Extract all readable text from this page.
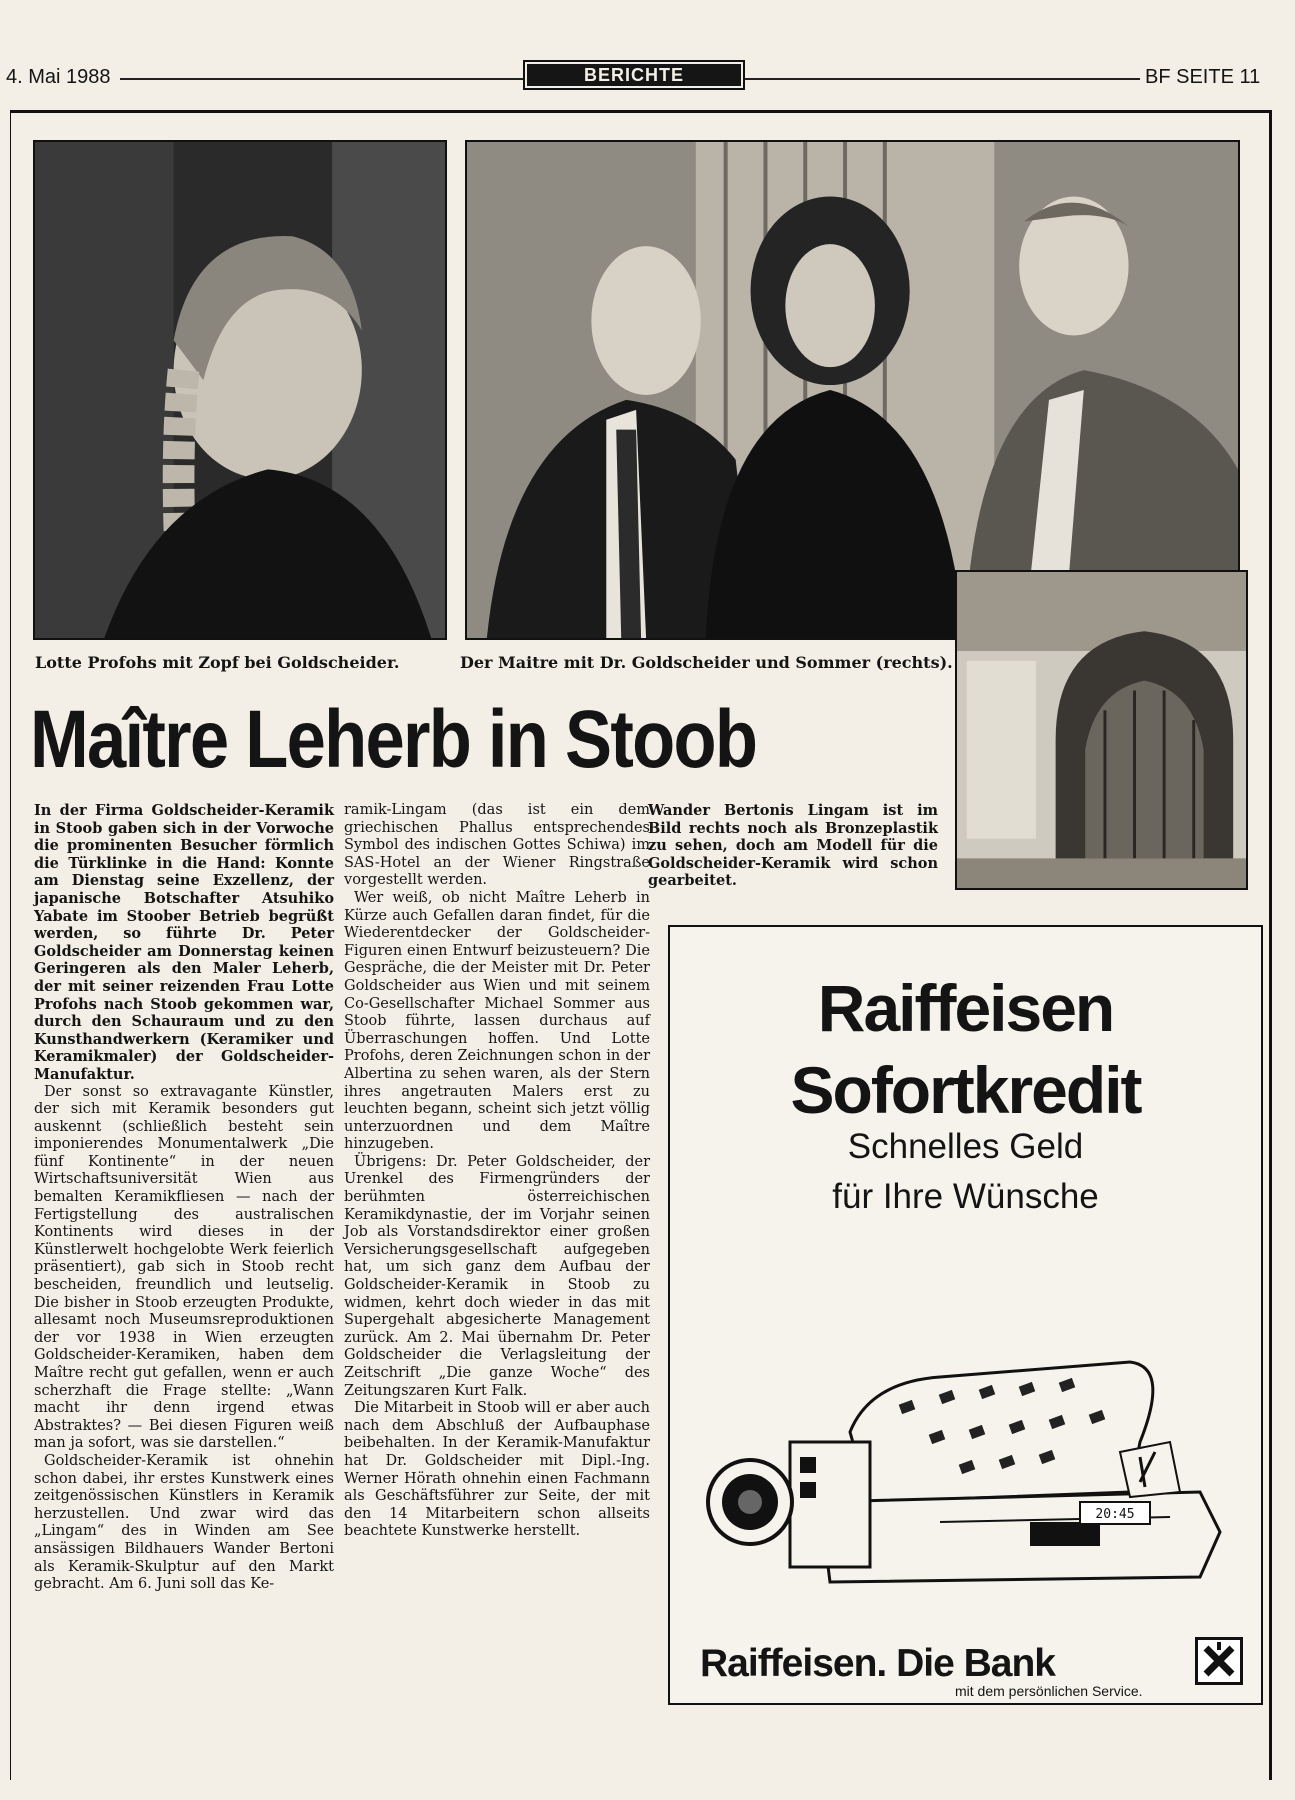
4. Mai 1988	BERICHTE	BF SEITE 11
Lotte Profohs mit Zopf bei Goldscheider.	Der Maitre mit Dr. Goldscheider und Sommer (rechts).
Maître Leherb in Stoob

In der Firma Goldscheider-Keramik in Stoob gaben sich in der Vorwoche die prominenten Besucher förmlich die Türklinke in die Hand: Konnte am Dienstag seine Exzellenz, der japanische Botschafter Atsuhiko Yabate im Stoober Betrieb begrüßt werden, so führte Dr. Peter Goldscheider am Donnerstag keinen Geringeren als den Maler Leherb, der mit seiner reizenden Frau Lotte Profohs nach Stoob gekommen war, durch den Schauraum und zu den Kunsthandwerkern (Keramiker und Keramikmaler) der Goldscheider-Manufaktur.

Der sonst so extravagante Künstler, der sich mit Keramik besonders gut auskennt (schließlich besteht sein imponierendes Monumentalwerk „Die fünf Kontinente“ in der neuen Wirtschaftsuniversität Wien aus bemalten Keramikfliesen — nach der Fertigstellung des australischen Kontinents wird dieses in der Künstlerwelt hochgelobte Werk feierlich präsentiert), gab sich in Stoob recht bescheiden, freundlich und leutselig. Die bisher in Stoob erzeugten Produkte, allesamt noch Museumsreproduktionen der vor 1938 in Wien erzeugten Goldscheider-Keramiken, haben dem Maître recht gut gefallen, wenn er auch scherzhaft die Frage stellte: „Wann macht ihr denn irgend etwas Abstraktes? — Bei diesen Figuren weiß man ja sofort, was sie darstellen.“

Goldscheider-Keramik ist ohnehin schon dabei, ihr erstes Kunstwerk eines zeitgenössischen Künstlers in Keramik herzustellen. Und zwar wird das „Lingam“ des in Winden am See ansässigen Bildhauers Wander Bertoni als Keramik-Skulptur auf den Markt gebracht. Am 6. Juni soll das Ke-

ramik-Lingam (das ist ein dem griechischen Phallus entsprechendes Symbol des indischen Gottes Schiwa) im SAS-Hotel an der Wiener Ringstraße vorgestellt werden.

Wer weiß, ob nicht Maître Leherb in Kürze auch Gefallen daran findet, für die Wiederentdecker der Goldscheider-Figuren einen Entwurf beizusteuern? Die Gespräche, die der Meister mit Dr. Peter Goldscheider aus Wien und mit seinem Co-Gesellschafter Michael Sommer aus Stoob führte, lassen durchaus auf Überraschungen hoffen. Und Lotte Profohs, deren Zeichnungen schon in der Albertina zu sehen waren, als der Stern ihres angetrauten Malers erst zu leuchten begann, scheint sich jetzt völlig unterzuordnen und dem Maître hinzugeben.

Übrigens: Dr. Peter Goldscheider, der Urenkel des Firmengründers der berühmten österreichischen Keramikdynastie, der im Vorjahr seinen Job als Vorstandsdirektor einer großen Versicherungsgesellschaft aufgegeben hat, um sich ganz dem Aufbau der Goldscheider-Keramik in Stoob zu widmen, kehrt doch wieder in das mit Supergehalt abgesicherte Management zurück. Am 2. Mai übernahm Dr. Peter Goldscheider die Verlagsleitung der Zeitschrift „Die ganze Woche“ des Zeitungszaren Kurt Falk.

Die Mitarbeit in Stoob will er aber auch nach dem Abschluß der Aufbauphase beibehalten. In der Keramik-Manufaktur hat Dr. Goldscheider mit Dipl.-Ing. Werner Hörath ohnehin einen Fachmann als Geschäftsführer zur Seite, der mit den 14 Mitarbeitern schon allseits beachtete Kunstwerke herstellt.

Wander Bertonis Lingam ist im Bild rechts noch als Bronzeplastik zu sehen, doch am Modell für die Goldscheider-Keramik wird schon gearbeitet.

Raiffeisen
Sofortkredit
Schnelles Geld
für Ihre Wünsche
20:45
Raiffeisen. Die Bank
mit dem persönlichen Service.
